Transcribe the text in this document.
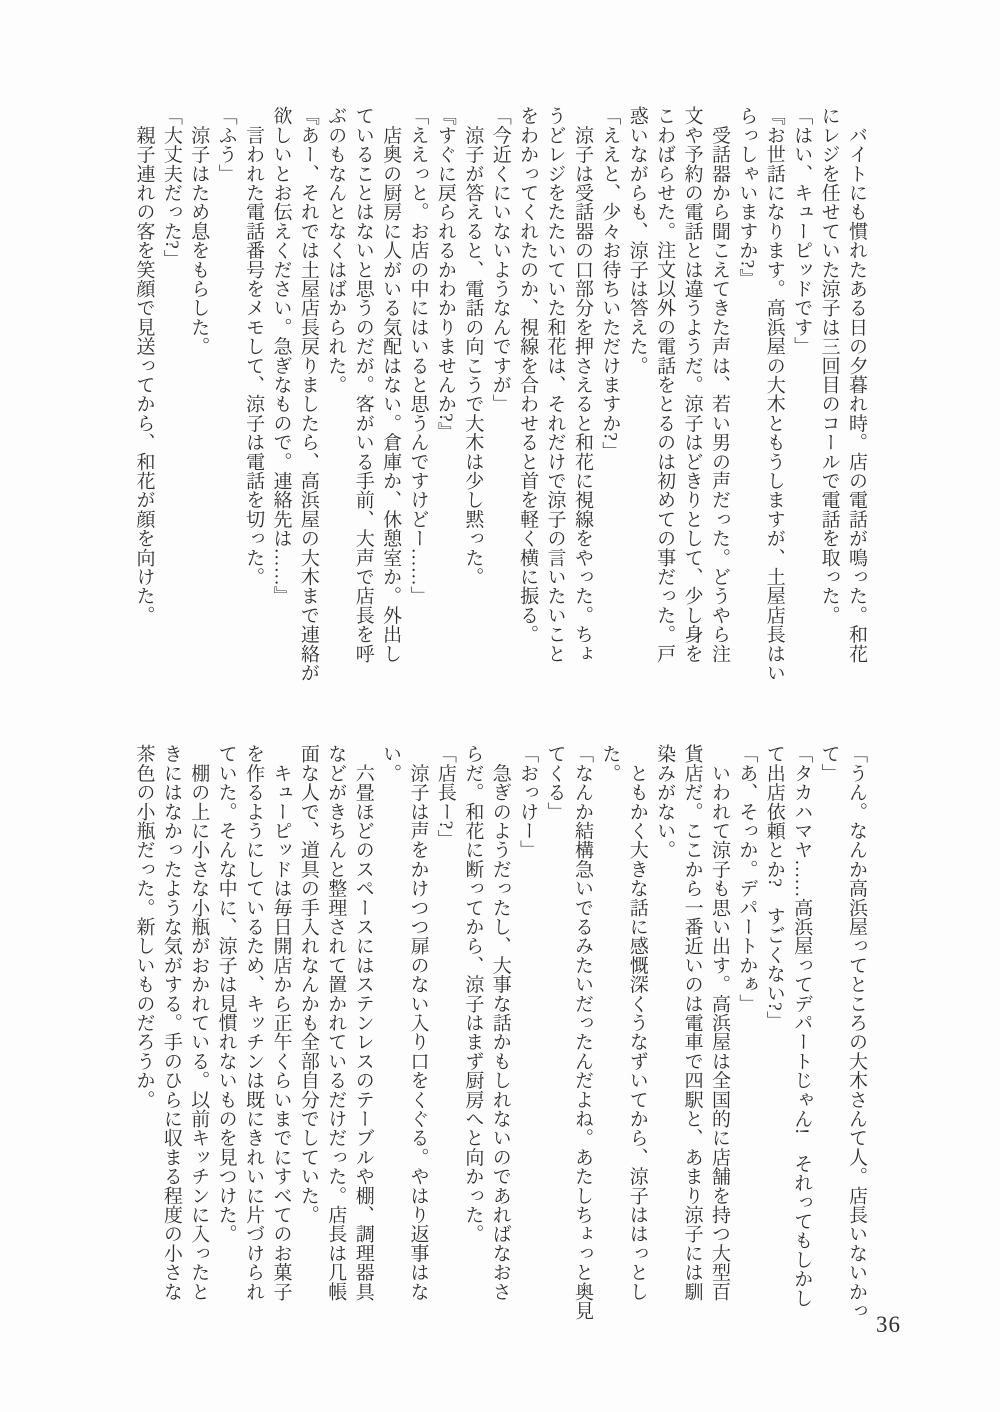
　バイトにも慣れたある日の夕暮れ時。店の電話が鳴った。和花
にレジを任せていた涼子は三回目のコールで電話を取った。
「はい、キューピッドです」
『お世話になります。高浜屋の大木ともうしますが、土屋店長はい
らっしゃいますか?』
　受話器から聞こえてきた声は、若い男の声だった。どうやら注
文や予約の電話とは違うようだ。涼子はどきりとして、少し身を
こわばらせた。注文以外の電話をとるのは初めての事だった。戸
惑いながらも、涼子は答えた。
「ええと、少々お待ちいただけますか?」
　涼子は受話器の口部分を押さえると和花に視線をやった。ちょ
うどレジをたたいていた和花は、それだけで涼子の言いたいこと
をわかってくれたのか、視線を合わせると首を軽く横に振る。
「今近くにいないようなんですが」
　涼子が答えると、電話の向こうで大木は少し黙った。
『すぐに戻られるかわかりませんか?』
「ええっと。お店の中にはいると思うんですけどー……」
　店奥の厨房に人がいる気配はない。倉庫か、休憩室か。外出し
ていることはないと思うのだが。客がいる手前、大声で店長を呼
ぶのもなんとなくはばかられた。
『あー、それでは土屋店長戻りましたら、高浜屋の大木まで連絡が
欲しいとお伝えください。急ぎなもので。連絡先は……』
　言われた電話番号をメモして、涼子は電話を切った。
「ふう」
　涼子はため息をもらした。
「大丈夫だった?」
　親子連れの客を笑顔で見送ってから、和花が顔を向けた。
「うん。なんか高浜屋ってところの大木さんて人。店長いないかっ
て」
「タカハマヤ……高浜屋ってデパートじゃん!　それってもしかし
て出店依頼とか?　すごくない?」
「あ、そっか。デパートかぁ」
　いわれて涼子も思い出す。高浜屋は全国的に店舗を持つ大型百
貨店だ。ここから一番近いのは電車で四駅と、あまり涼子には馴
染みがない。
　ともかく大きな話に感慨深くうなずいてから、涼子ははっとし
た。
「なんか結構急いでるみたいだったんだよね。あたしちょっと奥見
てくる」
「おっけー」
　急ぎのようだったし、大事な話かもしれないのであればなおさ
らだ。和花に断ってから、涼子はまず厨房へと向かった。
「店長ー?」
　涼子は声をかけつつ扉のない入り口をくぐる。やはり返事はな
い。
　六畳ほどのスペースにはステンレスのテーブルや棚、調理器具
などがきちんと整理されて置かれているだけだった。店長は几帳
面な人で、道具の手入れなんかも全部自分でしていた。
　キューピッドは毎日開店から正午くらいまでにすべてのお菓子
を作るようにしているため、キッチンは既にきれいに片づけられ
ていた。そんな中に、涼子は見慣れないものを見つけた。
　棚の上に小さな小瓶がおかれている。以前キッチンに入ったと
きにはなかったような気がする。手のひらに収まる程度の小さな
茶色の小瓶だった。新しいものだろうか。
36
